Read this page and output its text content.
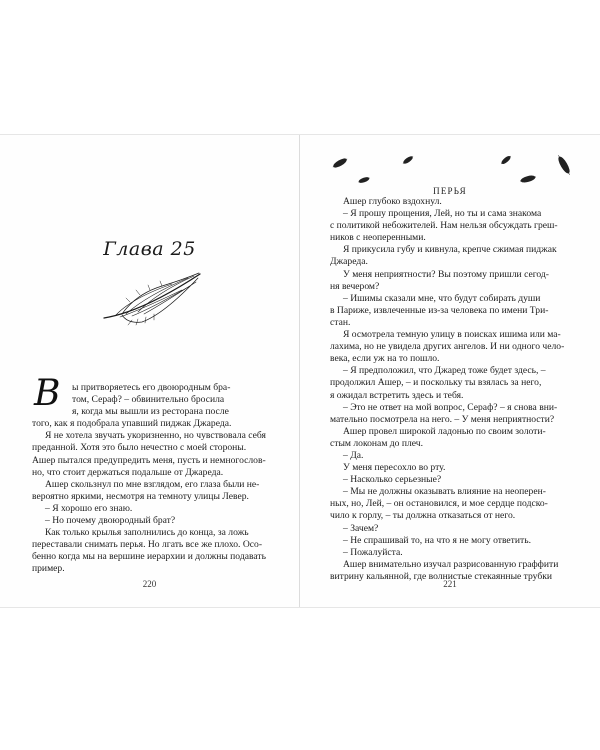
Глава 25

В ы притворяетесь его двоюродным бра-

том, Сераф? – обвинительно бросила

я, когда мы вышли из ресторана после

того, как я подобрала упавший пиджак Джареда.

Я не хотела звучать укоризненно, но чувствовала себя

преданной. Хотя это было нечестно с моей стороны.

Ашер пытался предупредить меня, пусть и немногослов-

но, что стоит держаться подальше от Джареда.

Ашер скользнул по мне взглядом, его глаза были не-

вероятно яркими, несмотря на темноту улицы Левер.

– Я хорошо его знаю.

– Но почему двоюродный брат?

Как только крылья заполнились до конца, за ложь

переставали снимать перья. Но лгать все же плохо. Осо-

бенно когда мы на вершине иерархии и должны подавать

пример.

220
ПЕРЬЯ

Ашер глубоко вздохнул.

– Я прошу прощения, Лей, но ты и сама знакома

с политикой небожителей. Нам нельзя обсуждать греш-

ников с неоперенными.

Я прикусила губу и кивнула, крепче сжимая пиджак

Джареда.

У меня неприятности? Вы поэтому пришли сегод-

ня вечером?

– Ишимы сказали мне, что будут собирать души

в Париже, извлеченные из-за человека по имени Три-

стан.

Я осмотрела темную улицу в поисках ишима или ма-

лахима, но не увидела других ангелов. И ни одного чело-

века, если уж на то пошло.

– Я предположил, что Джаред тоже будет здесь, –

продолжил Ашер, – и поскольку ты взялась за него,

я ожидал встретить здесь и тебя.

– Это не ответ на мой вопрос, Сераф? – я снова вни-

мательно посмотрела на него. – У меня неприятности?

Ашер провел широкой ладонью по своим золоти-

стым локонам до плеч.

– Да.

У меня пересохло во рту.

– Насколько серьезные?

– Мы не должны оказывать влияние на неоперен-

ных, но, Лей, – он остановился, и мое сердце подско-

чило к горлу, – ты должна отказаться от него.

– Зачем?

– Не спрашивай то, на что я не могу ответить.

– Пожалуйста.

Ашер внимательно изучал разрисованную граффити

витрину кальянной, где волнистые стекаянные трубки

221
